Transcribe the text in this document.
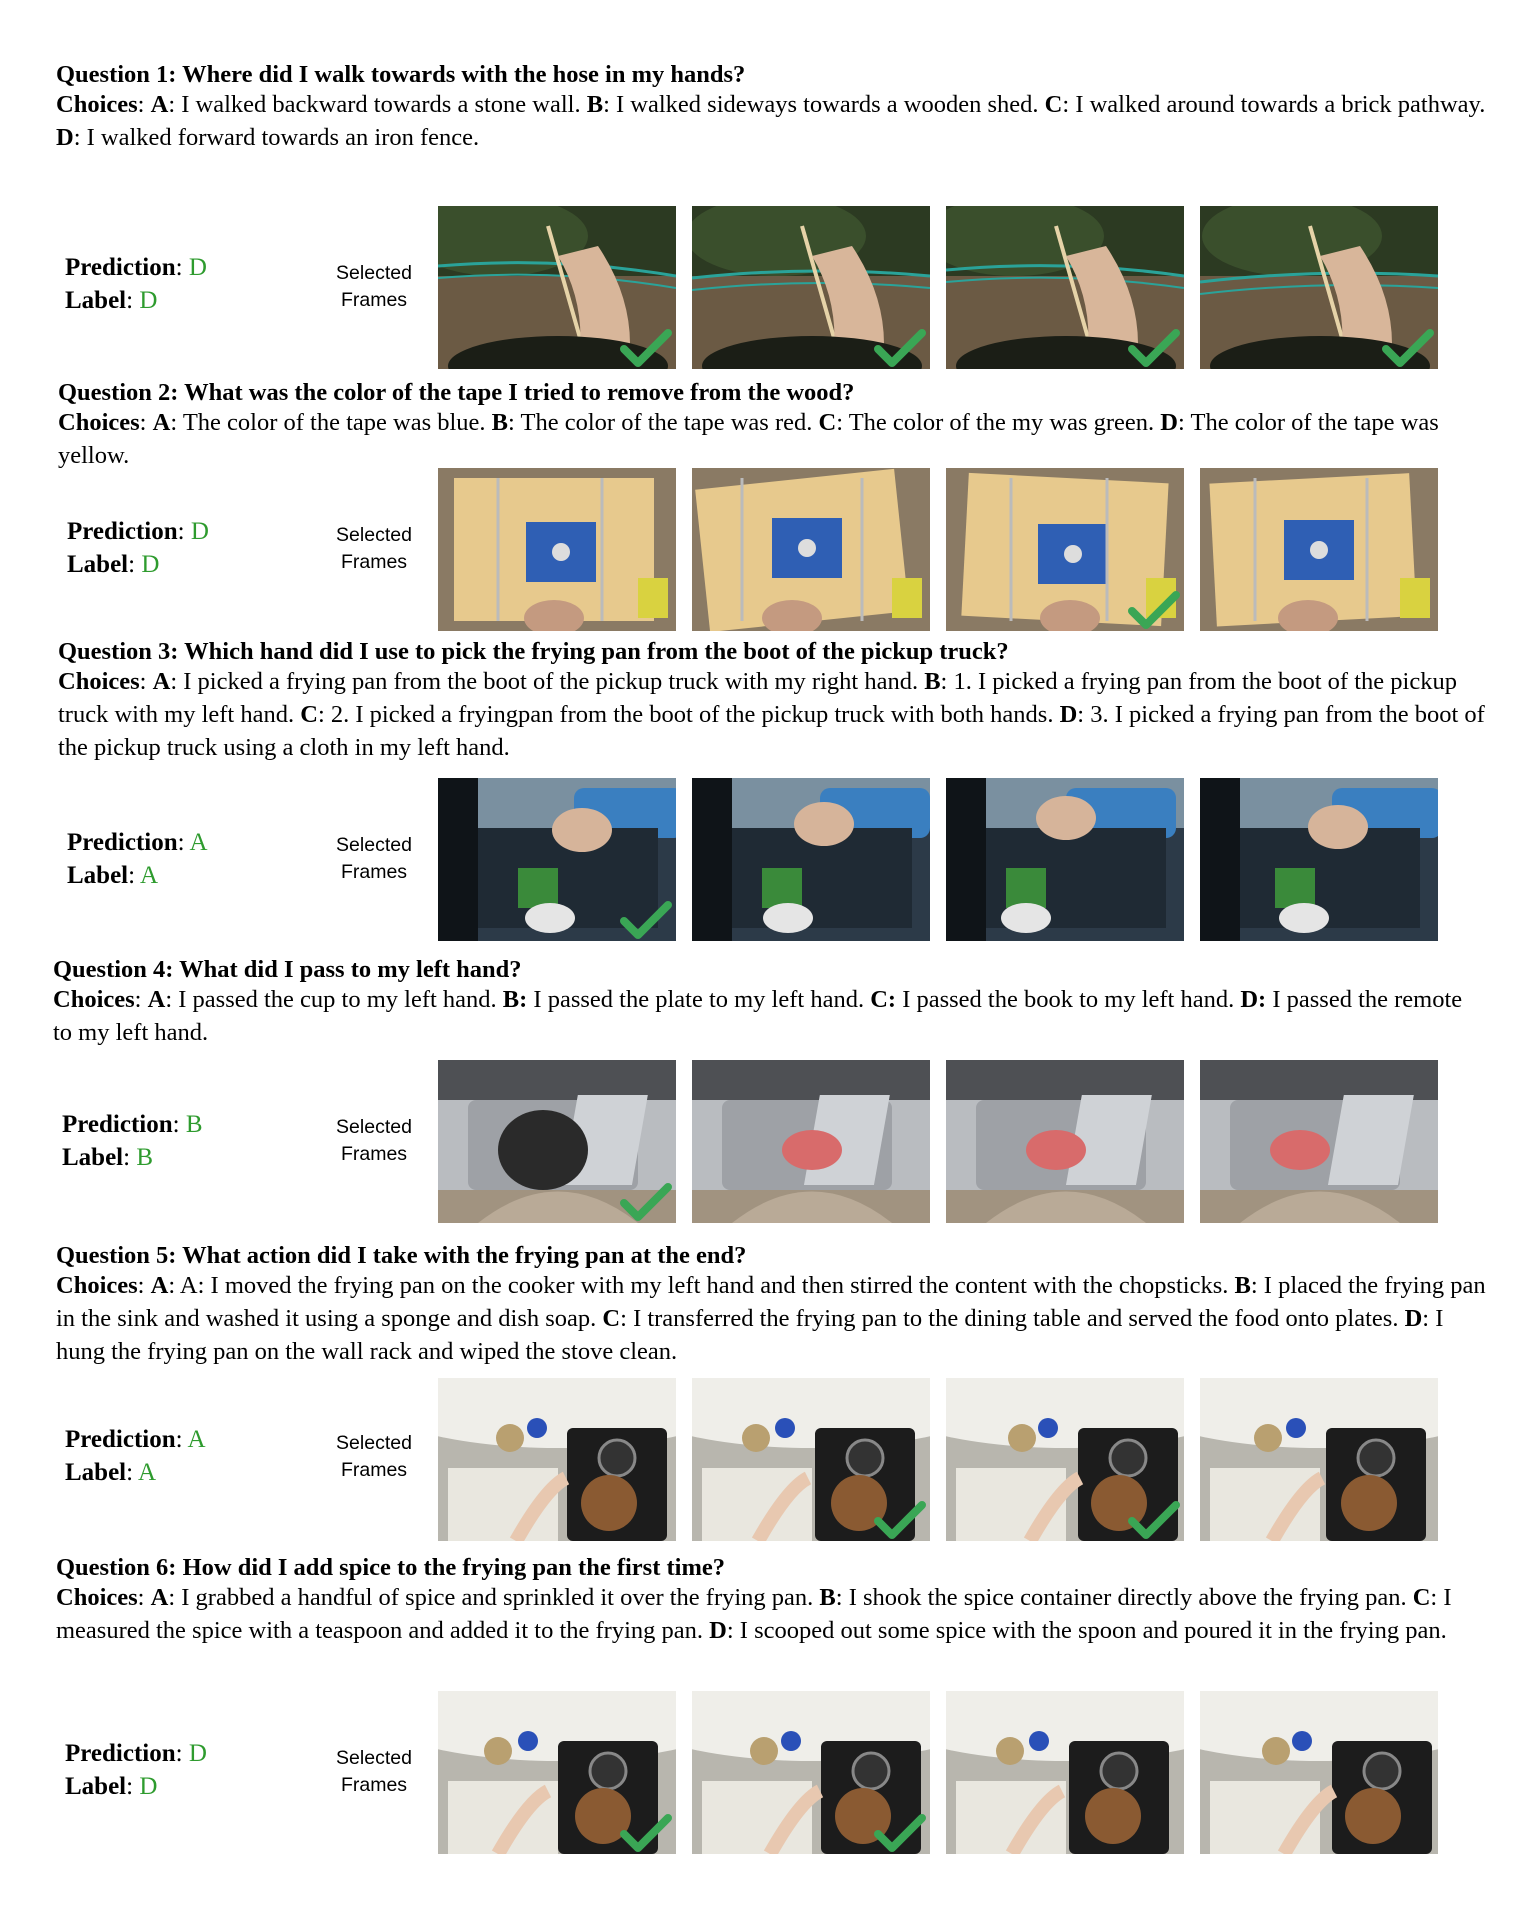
Question 1: Where did I walk towards with the hose in my hands?
Choices: A: I walked backward towards a stone wall. B: I walked sideways towards a wooden shed. C: I walked around towards a brick pathway. D: I walked forward towards an iron fence.
Prediction: D
Label: D
Selected
Frames
Question 2: What was the color of the tape I tried to remove from the wood?
Choices: A: The color of the tape was blue. B: The color of the tape was red. C: The color of the my was green. D: The color of the tape was yellow.
Prediction: D
Label: D
Selected
Frames
Question 3: Which hand did I use to pick the frying pan from the boot of the pickup truck?
Choices: A: I picked a frying pan from the boot of the pickup truck with my right hand. B: 1. I picked a frying pan from the boot of the pickup truck with my left hand. C: 2. I picked a fryingpan from the boot of the pickup truck with both hands. D: 3. I picked a frying pan from the boot of the pickup truck using a cloth in my left hand.
Prediction: A
Label: A
Selected
Frames
Question 4: What did I pass to my left hand?
Choices: A: I passed the cup to my left hand. B: I passed the plate to my left hand. C: I passed the book to my left hand. D: I passed the remote to my left hand.
Prediction: B
Label: B
Selected
Frames
Question 5: What action did I take with the frying pan at the end?
Choices: A: A: I moved the frying pan on the cooker with my left hand and then stirred the content with the chopsticks. B: I placed the frying pan in the sink and washed it using a sponge and dish soap. C: I transferred the frying pan to the dining table and served the food onto plates. D: I hung the frying pan on the wall rack and wiped the stove clean.
Prediction: A
Label: A
Selected
Frames
Question 6: How did I add spice to the frying pan the first time?
Choices: A: I grabbed a handful of spice and sprinkled it over the frying pan. B: I shook the spice container directly above the frying pan. C: I measured the spice with a teaspoon and added it to the frying pan. D: I scooped out some spice with the spoon and poured it in the frying pan.
Prediction: D
Label: D
Selected
Frames
